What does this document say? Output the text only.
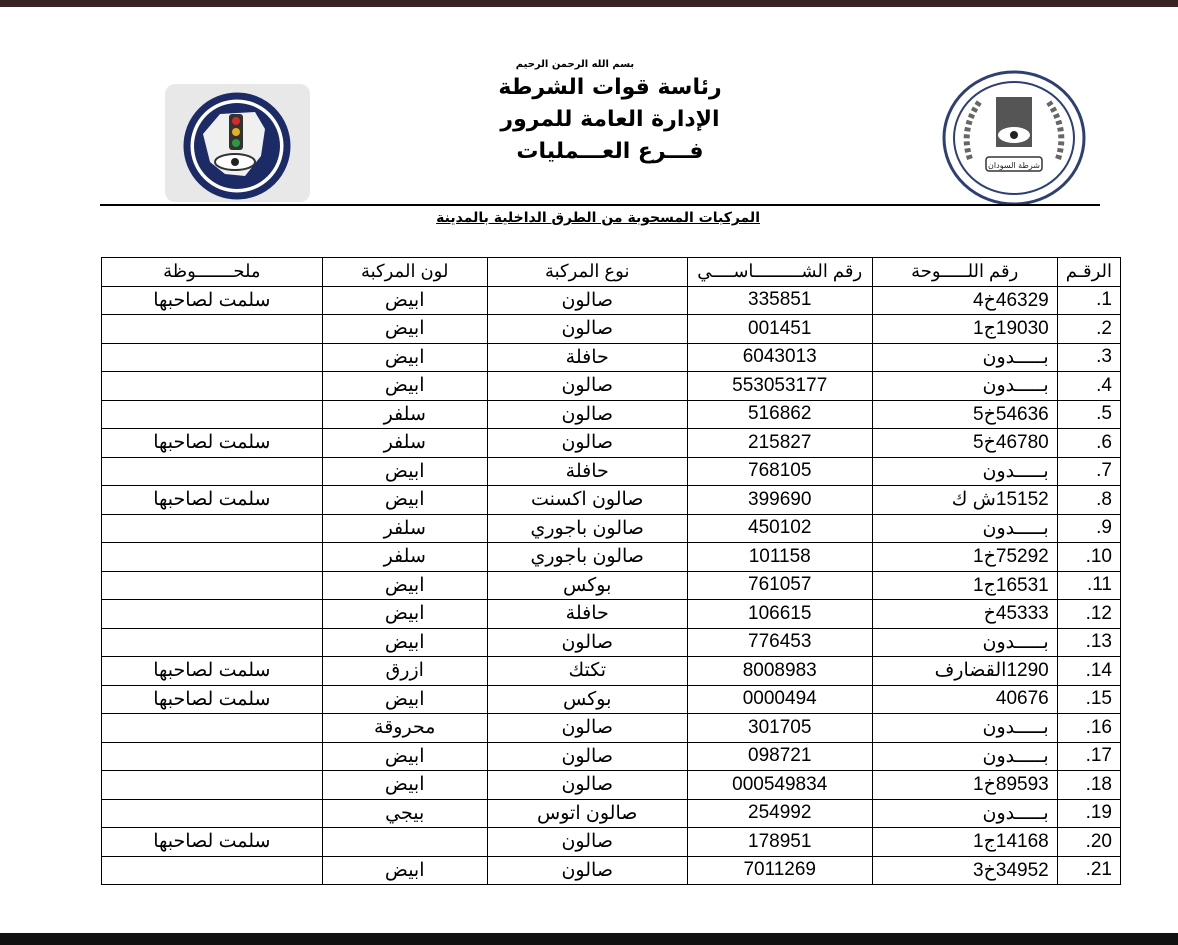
بسم الله الرحمن الرحيم
رئاسة قوات الشرطة
الإدارة العامة للمرور
فـــرع العـــمليات
شرطة السودان
المركبات المسحوبة من الطرق الداخلية بالمدينة
الرقـم	رقم اللـــــوحة	رقم الشـــــــــاســــي	نوع المركبة	لون المركبة	ملحـــــــوظة
1.	46329خ4	335851	صالون	ابيض	سلمت لصاحبها
2.	19030ج1	001451	صالون	ابيض	
3.	بـــــدون	6043013	حافلة	ابيض	
4.	بـــــدون	553053177	صالون	ابيض	
5.	54636خ5	516862	صالون	سلفر	
6.	46780خ5	215827	صالون	سلفر	سلمت لصاحبها
7.	بـــــدون	768105	حافلة	ابيض	
8.	15152ش ك	399690	صالون اكسنت	ابيض	سلمت لصاحبها
9.	بـــــدون	450102	صالون باجوري	سلفر	
10.	75292خ1	101158	صالون باجوري	سلفر	
11.	16531ج1	761057	بوكس	ابيض	
12.	45333خ	106615	حافلة	ابيض	
13.	بـــــدون	776453	صالون	ابيض	
14.	1290القضارف	8008983	تكتك	ازرق	سلمت لصاحبها
15.	40676	0000494	بوكس	ابيض	سلمت لصاحبها
16.	بـــــدون	301705	صالون	محروقة	
17.	بـــــدون	098721	صالون	ابيض	
18.	89593خ1	000549834	صالون	ابيض	
19.	بـــــدون	254992	صالون اتوس	بيجي	
20.	14168ج1	178951	صالون		سلمت لصاحبها
21.	34952خ3	7011269	صالون	ابيض	
